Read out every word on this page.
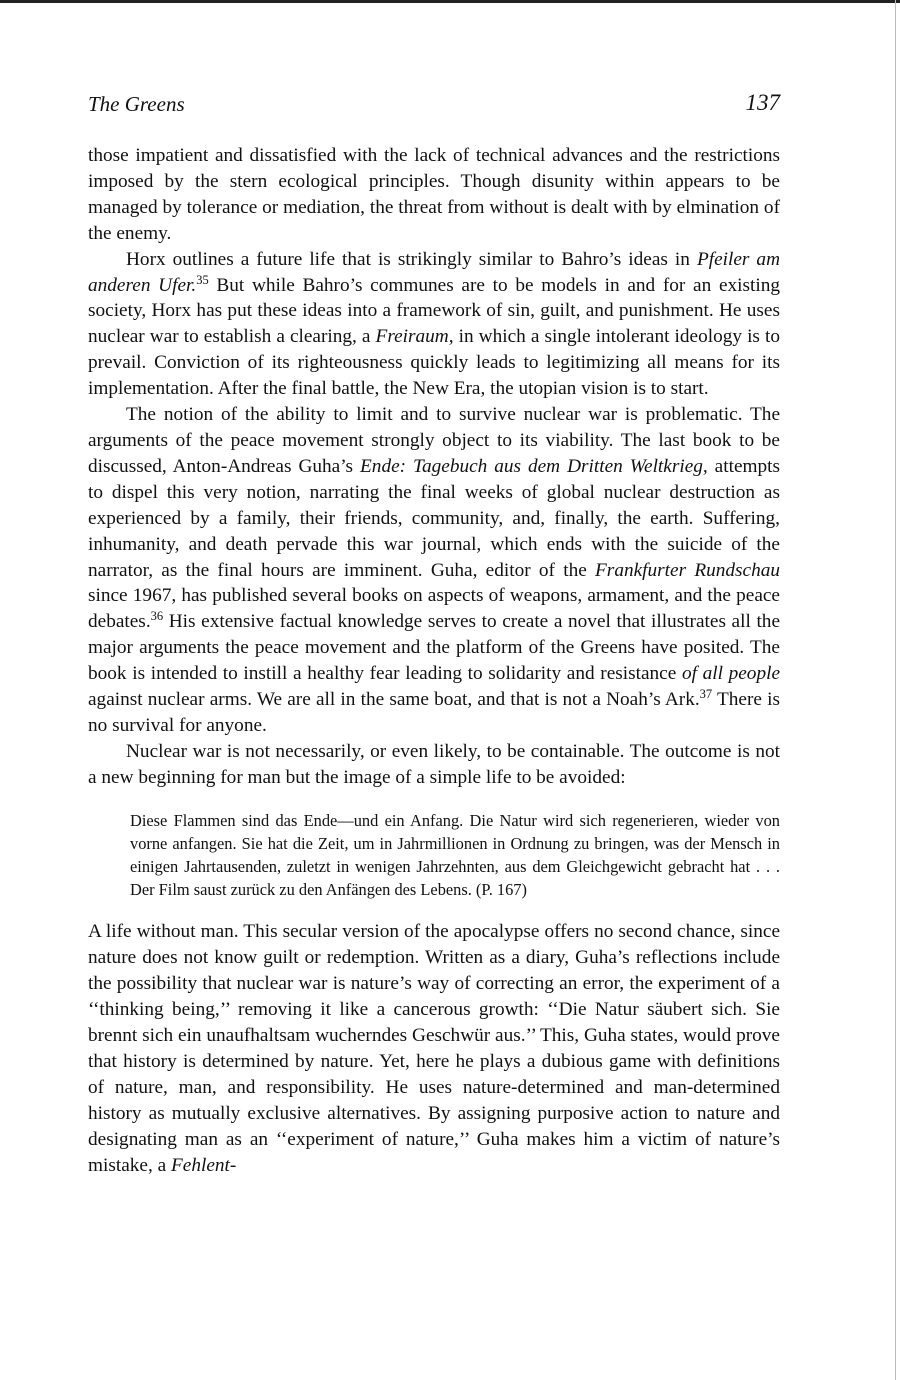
The Greens	137

those impatient and dissatisfied with the lack of technical advances and the restrictions imposed by the stern ecological principles. Though disunity within appears to be managed by tolerance or mediation, the threat from without is dealt with by elmination of the enemy.

Horx outlines a future life that is strikingly similar to Bahro’s ideas in Pfeiler am anderen Ufer.$^{35}$ But while Bahro’s communes are to be models in and for an existing society, Horx has put these ideas into a framework of sin, guilt, and punishment. He uses nuclear war to establish a clearing, a Freiraum, in which a single intolerant ideology is to prevail. Conviction of its righteousness quickly leads to legitimizing all means for its implementation. After the final battle, the New Era, the utopian vision is to start.

The notion of the ability to limit and to survive nuclear war is problematic. The arguments of the peace movement strongly object to its viability. The last book to be discussed, Anton-Andreas Guha’s Ende: Tagebuch aus dem Dritten Weltkrieg, attempts to dispel this very notion, narrating the final weeks of global nuclear destruction as experienced by a family, their friends, community, and, finally, the earth. Suffering, inhumanity, and death pervade this war journal, which ends with the suicide of the narrator, as the final hours are imminent. Guha, editor of the Frankfurter Rundschau since 1967, has published several books on aspects of weapons, armament, and the peace debates.$^{36}$ His extensive factual knowledge serves to create a novel that illustrates all the major arguments the peace movement and the platform of the Greens have posited. The book is intended to instill a healthy fear leading to solidarity and resistance of all people against nuclear arms. We are all in the same boat, and that is not a Noah’s Ark.$^{37}$ There is no survival for anyone.

Nuclear war is not necessarily, or even likely, to be containable. The outcome is not a new beginning for man but the image of a simple life to be avoided:

Diese Flammen sind das Ende—und ein Anfang. Die Natur wird sich regenerieren, wieder von vorne anfangen. Sie hat die Zeit, um in Jahrmillionen in Ordnung zu bringen, was der Mensch in einigen Jahrtausenden, zuletzt in wenigen Jahrzehnten, aus dem Gleichgewicht gebracht hat . . . Der Film saust zurück zu den Anfängen des Lebens. (P. 167)

A life without man. This secular version of the apocalypse offers no second chance, since nature does not know guilt or redemption. Written as a diary, Guha’s reflections include the possibility that nuclear war is nature’s way of correcting an error, the experiment of a ‘‘thinking being,’’ removing it like a cancerous growth: ‘‘Die Natur säubert sich. Sie brennt sich ein unaufhaltsam wucherndes Geschwür aus.’’ This, Guha states, would prove that history is determined by nature. Yet, here he plays a dubious game with definitions of nature, man, and responsibility. He uses nature-determined and man-determined history as mutually exclusive alternatives. By assigning purposive action to nature and designating man as an ‘‘experiment of nature,’’ Guha makes him a victim of nature’s mistake, a Fehlent-
